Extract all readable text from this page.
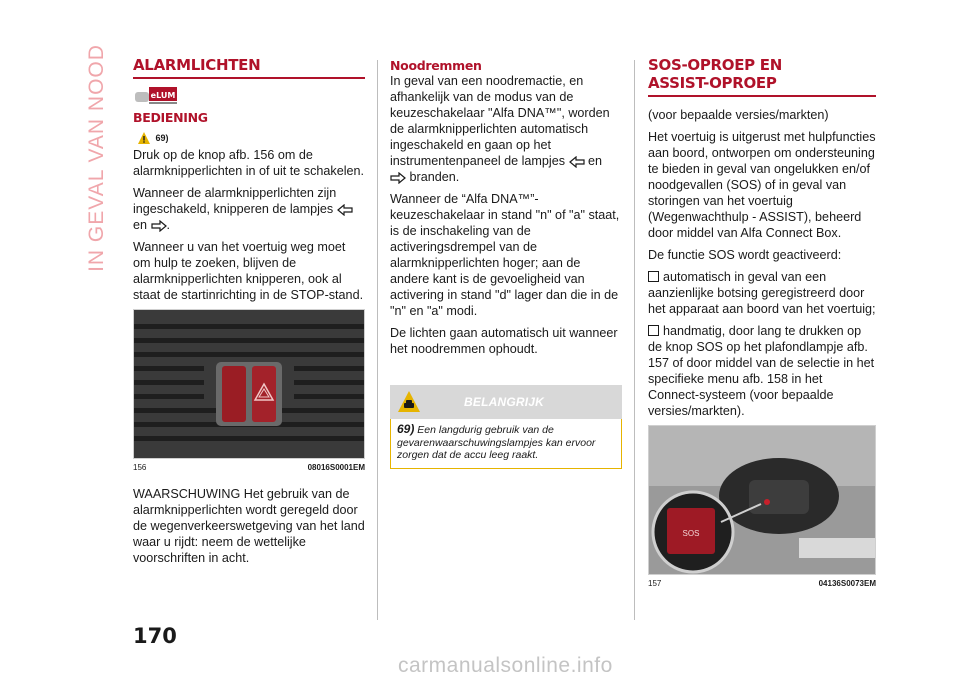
IN GEVAL VAN NOOD ALARMLICHTEN
eLUM
BEDIENING
69)

Druk op de knop afb. 156 om de alarmknipperlichten in of uit te schakelen.

Wanneer de alarmknipperlichten zijn ingeschakeld, knipperen de lampjes
en .

Wanneer u van het voertuig weg moet om hulp te zoeken, blijven de alarmknipperlichten knipperen, ook al staat de startinrichting in de STOP-stand.

156	08016S0001EM

WAARSCHUWING Het gebruik van de alarmknipperlichten wordt geregeld door de wegenverkeerswetgeving van het land waar u rijdt: neem de wettelijke voorschriften in acht.

Noodremmen

In geval van een noodremactie, en afhankelijk van de modus van de keuzeschakelaar "Alfa DNA™", worden de alarmknipperlichten automatisch ingeschakeld en gaan op het instrumentenpaneel de lampjes en
branden.

Wanneer de “Alfa DNA™”-keuzeschakelaar in stand "n" of "a" staat, is de inschakeling van de activeringsdrempel van de alarmknipperlichten hoger; aan de andere kant is de gevoeligheid van activering in stand "d" lager dan die in de "n" en "a" modi.

De lichten gaan automatisch uit wanneer het noodremmen ophoudt.

BELANGRIJK
69) Een langdurig gebruik van de gevarenwaarschuwingslampjes kan ervoor zorgen dat de accu leeg raakt.
SOS-OPROEP EN
ASSIST-OPROEP

(voor bepaalde versies/markten)

Het voertuig is uitgerust met hulpfuncties aan boord, ontworpen om ondersteuning te bieden in geval van ongelukken en/of noodgevallen (SOS) of in geval van storingen van het voertuig (Wegenwachthulp - ASSIST), beheerd door middel van Alfa Connect Box.

De functie SOS wordt geactiveerd:

automatisch in geval van een aanzienlijke botsing geregistreerd door het apparaat aan boord van het voertuig;

handmatig, door lang te drukken op de knop SOS op het plafondlampje afb. 157 of door middel van de selectie in het specifieke menu afb. 158 in het Connect-systeem (voor bepaalde versies/markten).

SOS
157	04136S0073EM
170
carmanualsonline.info
